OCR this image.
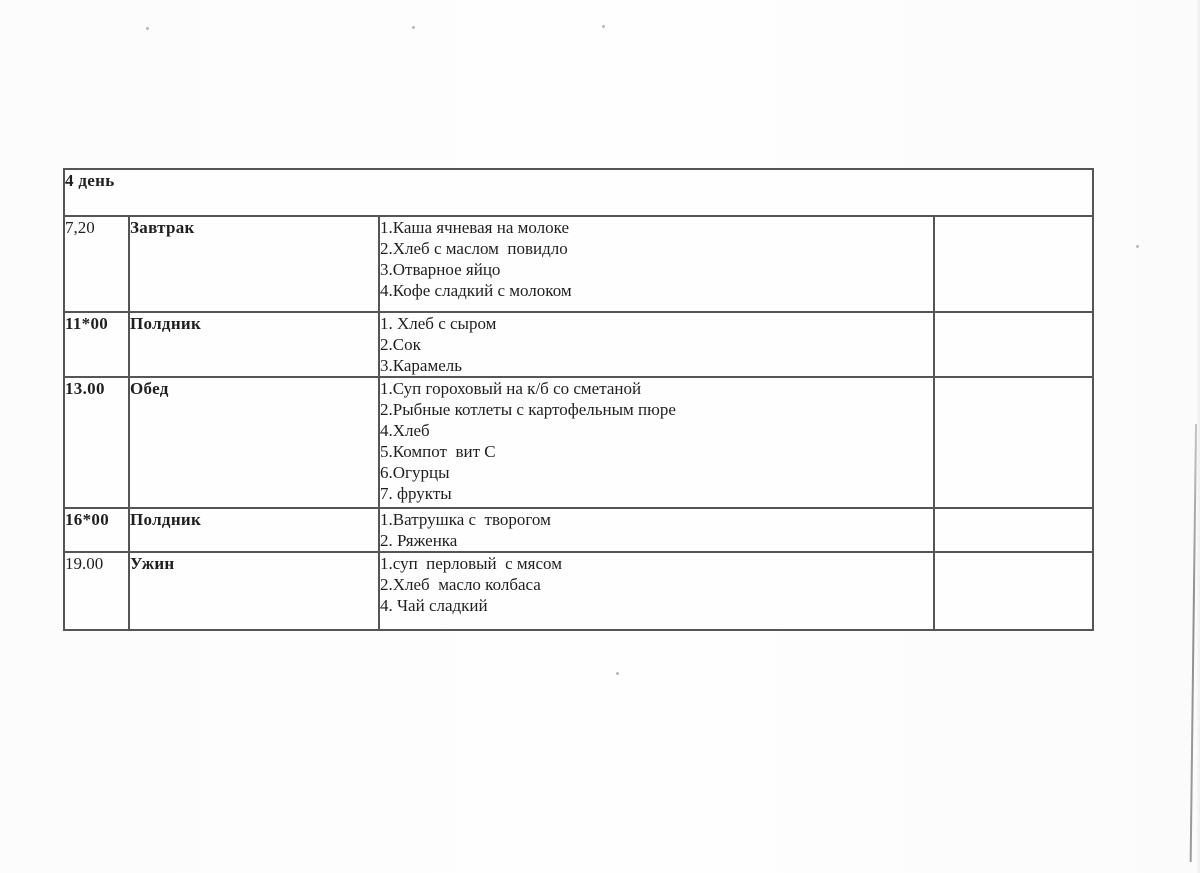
4 день			
7,20	Завтрак	1.Каша ячневая на молоке
2.Хлеб с маслом  повидло
3.Отварное яйцо
4.Кофе сладкий с молоком	

11*00	Полдник	1. Хлеб с сыром
2.Сок
3.Карамель	

13.00	Обед	1.Суп гороховый на к/б со сметаной
2.Рыбные котлеты с картофельным пюре
4.Хлеб
5.Компот  вит С
6.Огурцы
7. фрукты

16*00	Полдник	1.Ватрушка с  творогом
2. Ряженка	

19.00	Ужин	1.суп  перловый  с мясом
2.Хлеб  масло колбаса
4. Чай сладкий	
